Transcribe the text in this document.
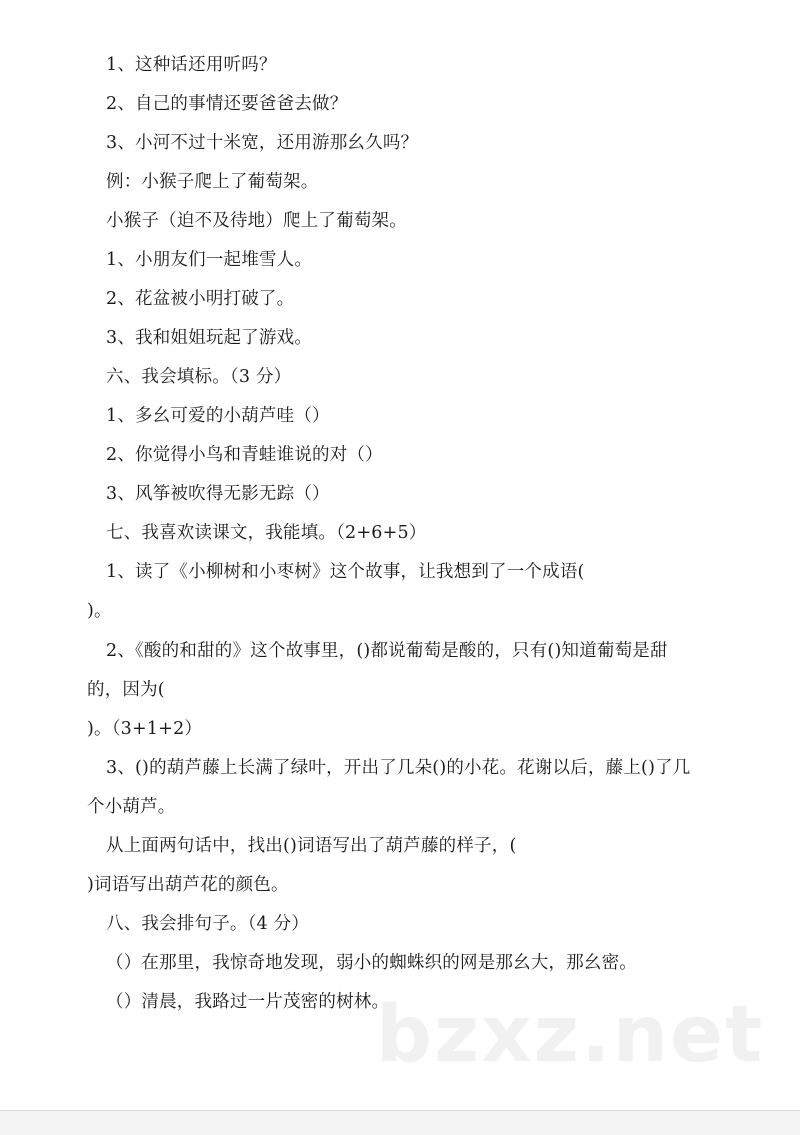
1、这种话还用听吗？
2、自己的事情还要爸爸去做？
3、小河不过十米宽，还用游那幺久吗？
例：小猴子爬上了葡萄架。
小猴子（迫不及待地）爬上了葡萄架。
1、小朋友们一起堆雪人。
2、花盆被小明打破了。
3、我和姐姐玩起了游戏。
六、我会填标。（3 分）
1、多幺可爱的小葫芦哇（）
2、你觉得小鸟和青蛙谁说的对（）
3、风筝被吹得无影无踪（）
七、我喜欢读课文，我能填。（2+6+5）
1、读了《小柳树和小枣树》这个故事，让我想到了一个成语(
)。
2、《酸的和甜的》这个故事里，()都说葡萄是酸的，只有()知道葡萄是甜
的，因为(
)。（3+1+2）
3、()的葫芦藤上长满了绿叶，开出了几朵()的小花。花谢以后，藤上()了几
个小葫芦。
从上面两句话中，找出()词语写出了葫芦藤的样子，(
)词语写出葫芦花的颜色。
八、我会排句子。（4 分）
（）在那里，我惊奇地发现，弱小的蜘蛛织的网是那幺大，那幺密。
（）清晨，我路过一片茂密的树林。
bzxz.net
